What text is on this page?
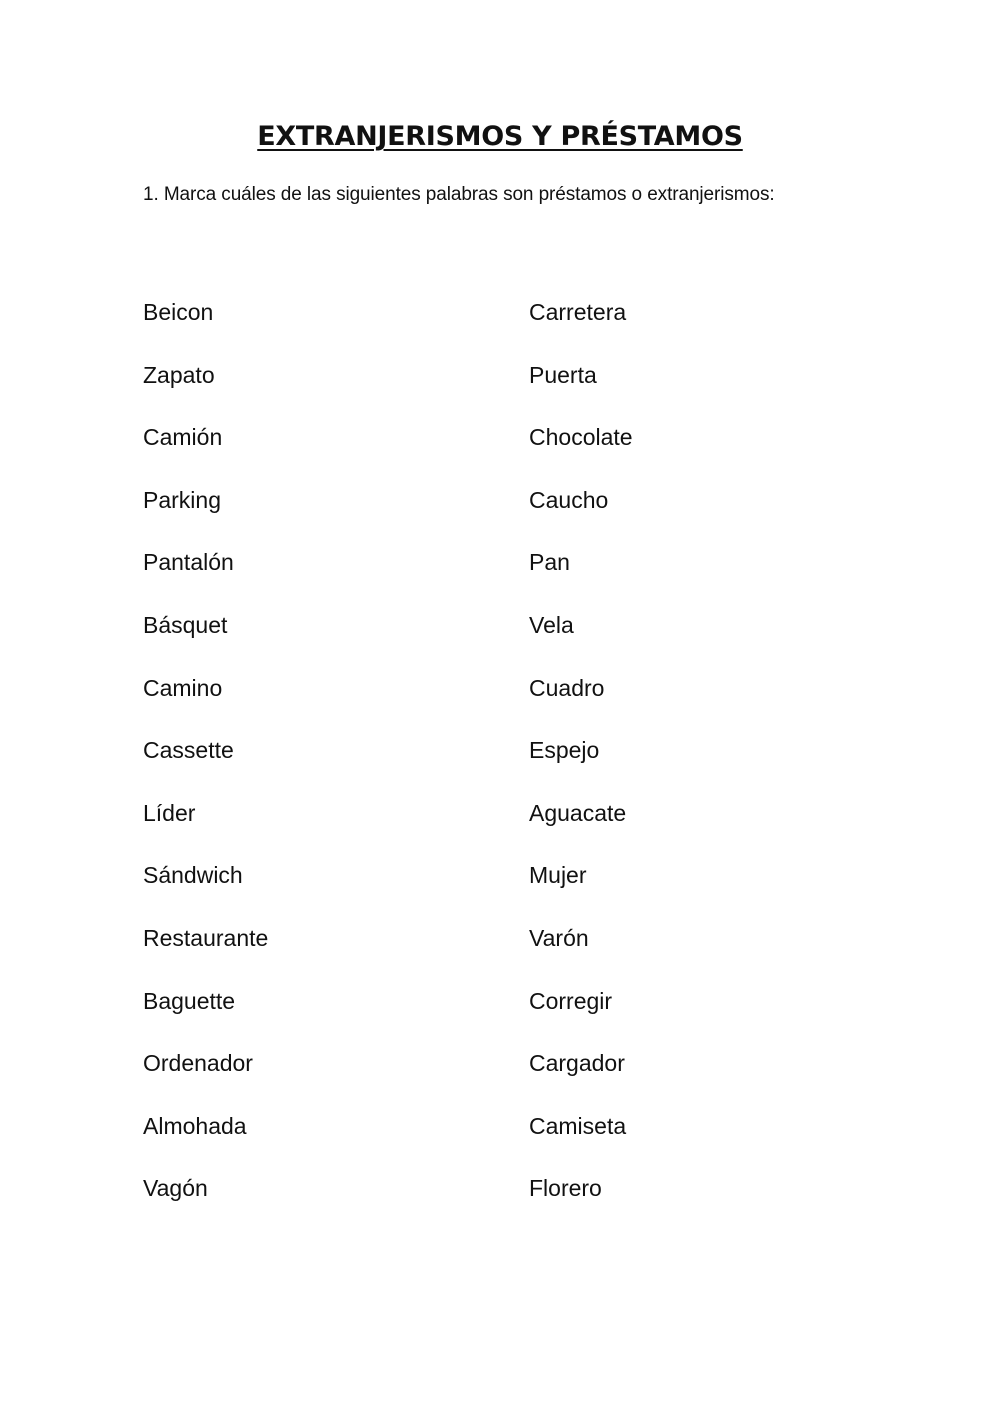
EXTRANJERISMOS Y PRÉSTAMOS

1. Marca cuáles de las siguientes palabras son préstamos o extranjerismos:

Beicon	Carretera
Zapato	Puerta
Camión	Chocolate
Parking	Caucho
Pantalón	Pan
Básquet	Vela
Camino	Cuadro
Cassette	Espejo
Líder	Aguacate
Sándwich	Mujer
Restaurante	Varón
Baguette	Corregir
Ordenador	Cargador
Almohada	Camiseta
Vagón	Florero
